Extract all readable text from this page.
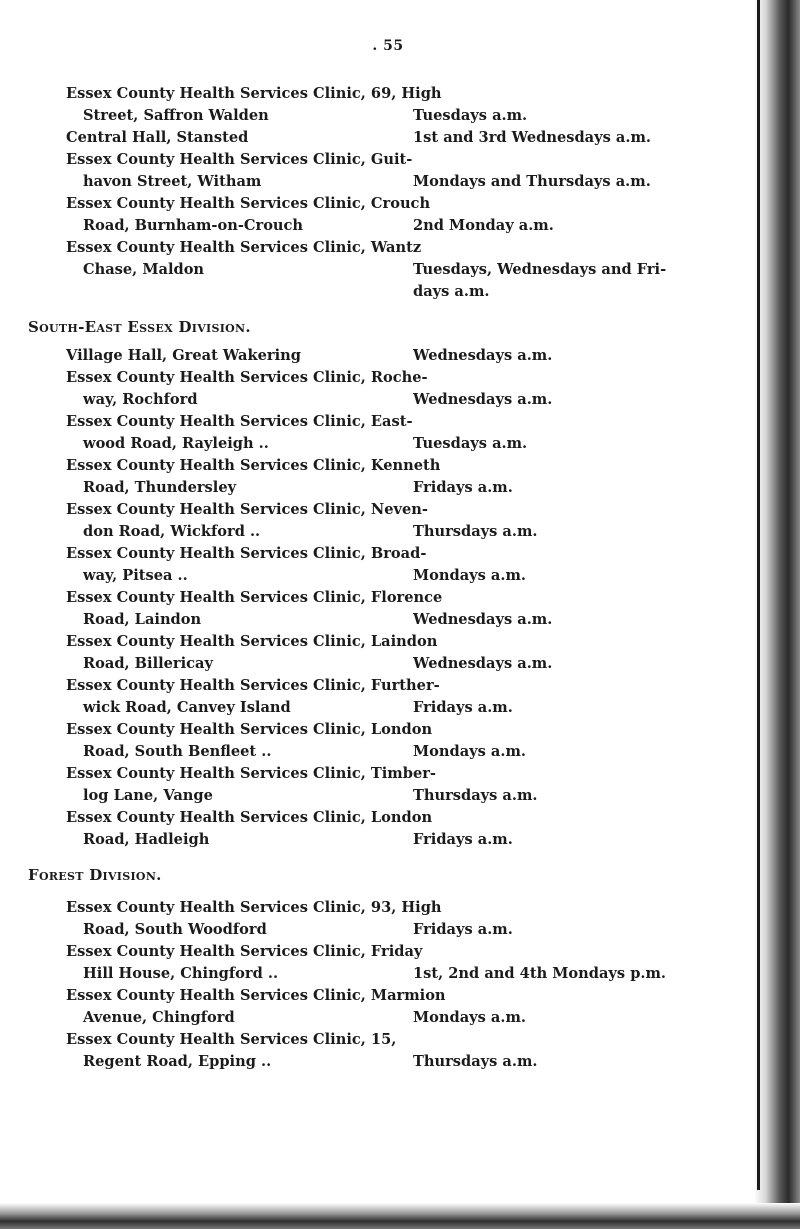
. 55
Essex County Health Services Clinic, 69, High
Street, Saffron Walden	Tuesdays a.m.
Central Hall, Stansted	1st and 3rd Wednesdays a.m.
Essex County Health Services Clinic, Guit-
havon Street, Witham	Mondays and Thursdays a.m.
Essex County Health Services Clinic, Crouch
Road, Burnham-on-Crouch	2nd Monday a.m.
Essex County Health Services Clinic, Wantz
Chase, Maldon	Tuesdays, Wednesdays and Fri-
days a.m.
South-East Essex Division.
Village Hall, Great Wakering	Wednesdays a.m.
Essex County Health Services Clinic, Roche-
way, Rochford	Wednesdays a.m.
Essex County Health Services Clinic, East-
wood Road, Rayleigh ..	Tuesdays a.m.
Essex County Health Services Clinic, Kenneth
Road, Thundersley	Fridays a.m.
Essex County Health Services Clinic, Neven-
don Road, Wickford ..	Thursdays a.m.
Essex County Health Services Clinic, Broad-
way, Pitsea ..	Mondays a.m.
Essex County Health Services Clinic, Florence
Road, Laindon	Wednesdays a.m.
Essex County Health Services Clinic, Laindon
Road, Billericay	Wednesdays a.m.
Essex County Health Services Clinic, Further-
wick Road, Canvey Island	Fridays a.m.
Essex County Health Services Clinic, London
Road, South Benfleet ..	Mondays a.m.
Essex County Health Services Clinic, Timber-
log Lane, Vange	Thursdays a.m.
Essex County Health Services Clinic, London
Road, Hadleigh	Fridays a.m.
Forest Division.
Essex County Health Services Clinic, 93, High
Road, South Woodford	Fridays a.m.
Essex County Health Services Clinic, Friday
Hill House, Chingford ..	1st, 2nd and 4th Mondays p.m.
Essex County Health Services Clinic, Marmion
Avenue, Chingford	Mondays a.m.
Essex County Health Services Clinic, 15,
Regent Road, Epping ..	Thursdays a.m.
